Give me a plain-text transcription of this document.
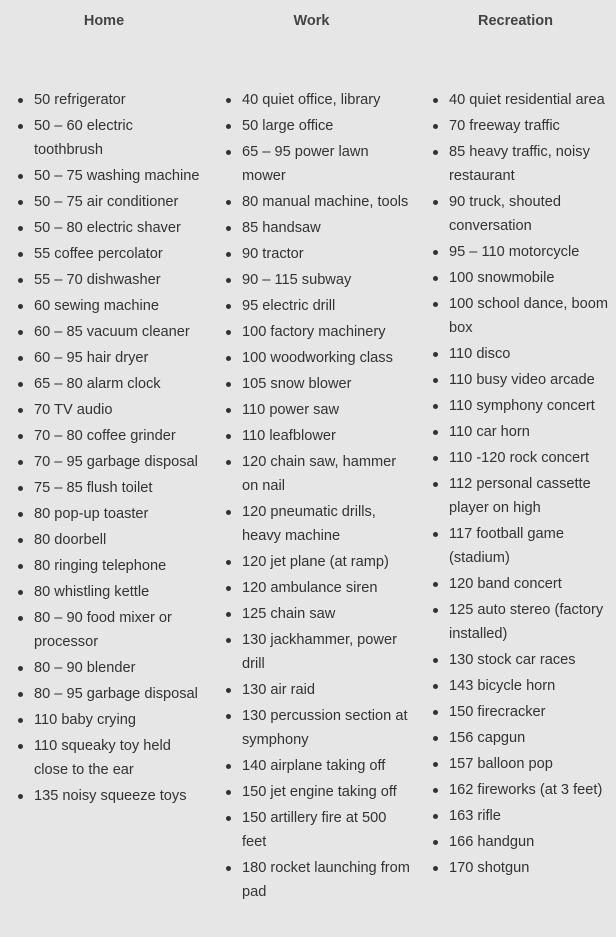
Home
50 refrigerator
50 – 60 electric toothbrush
50 – 75 washing machine
50 – 75 air conditioner
50 – 80 electric shaver
55 coffee percolator
55 – 70 dishwasher
60 sewing machine
60 – 85 vacuum cleaner
60 – 95 hair dryer
65 – 80 alarm clock
70 TV audio
70 – 80 coffee grinder
70 – 95 garbage disposal
75 – 85 flush toilet
80 pop-up toaster
80 doorbell
80 ringing telephone
80 whistling kettle
80 – 90 food mixer or processor
80 – 90 blender
80 – 95 garbage disposal
110 baby crying
110 squeaky toy held close to the ear
135 noisy squeeze toys
Work
40 quiet office, library
50 large office
65 – 95 power lawn mower
80 manual machine, tools
85 handsaw
90 tractor
90 – 115 subway
95 electric drill
100 factory machinery
100 woodworking class
105 snow blower
110 power saw
110 leafblower
120 chain saw, hammer on nail
120 pneumatic drills, heavy machine
120 jet plane (at ramp)
120 ambulance siren
125 chain saw
130 jackhammer, power drill
130 air raid
130 percussion section at symphony
140 airplane taking off
150 jet engine taking off
150 artillery fire at 500 feet
180 rocket launching from pad
Recreation
40 quiet residential area
70 freeway traffic
85 heavy traffic, noisy restaurant
90 truck, shouted conversation
95 – 110 motorcycle
100 snowmobile
100 school dance, boom box
110 disco
110 busy video arcade
110 symphony concert
110 car horn
110 -120 rock concert
112 personal cassette player on high
117 football game (stadium)
120 band concert
125 auto stereo (factory installed)
130 stock car races
143 bicycle horn
150 firecracker
156 capgun
157 balloon pop
162 fireworks (at 3 feet)
163 rifle
166 handgun
170 shotgun
